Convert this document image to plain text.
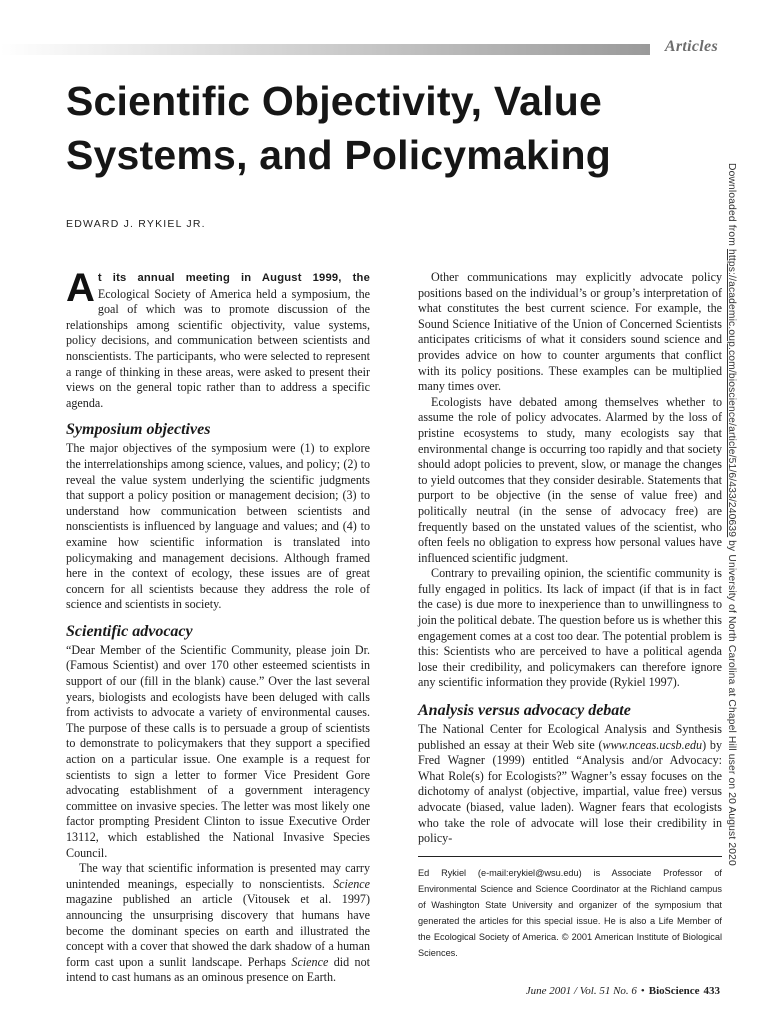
Articles
Scientific Objectivity, Value Systems, and Policymaking

EDWARD J. RYKIEL JR.

At its annual meeting in August 1999, the Ecological Society of America held a symposium, the goal of which was to promote discussion of the relationships among scientific objectivity, value systems, policy decisions, and communication between scientists and nonscientists. The participants, who were selected to represent a range of thinking in these areas, were asked to present their views on the general topic rather than to address a specific agenda.

Symposium objectives

The major objectives of the symposium were (1) to explore the interrelationships among science, values, and policy; (2) to reveal the value system underlying the scientific judgments that support a policy position or management decision; (3) to understand how communication between scientists and nonscientists is influenced by language and values; and (4) to examine how scientific information is translated into policymaking and management decisions. Although framed here in the context of ecology, these issues are of great concern for all scientists because they address the role of science and scientists in society.

Scientific advocacy

“Dear Member of the Scientific Community, please join Dr. (Famous Scientist) and over 170 other esteemed scientists in support of our (fill in the blank) cause.” Over the last several years, biologists and ecologists have been deluged with calls from activists to advocate a variety of environmental causes. The purpose of these calls is to persuade a group of scientists to demonstrate to policymakers that they support a specified action on a particular issue. One example is a request for scientists to sign a letter to former Vice President Gore advocating establishment of a government interagency committee on invasive species. The letter was most likely one factor prompting President Clinton to issue Executive Order 13112, which established the National Invasive Species Council.

The way that scientific information is presented may carry unintended meanings, especially to nonscientists. Science magazine published an article (Vitousek et al. 1997) announcing the unsurprising discovery that humans have become the dominant species on earth and illustrated the concept with a cover that showed the dark shadow of a human form cast upon a sunlit landscape. Perhaps Science did not intend to cast humans as an ominous presence on Earth.

Other communications may explicitly advocate policy positions based on the individual’s or group’s interpretation of what constitutes the best current science. For example, the Sound Science Initiative of the Union of Concerned Scientists anticipates criticisms of what it considers sound science and provides advice on how to counter arguments that conflict with its policy positions. These examples can be multiplied many times over.

Ecologists have debated among themselves whether to assume the role of policy advocates. Alarmed by the loss of pristine ecosystems to study, many ecologists say that environmental change is occurring too rapidly and that society should adopt policies to prevent, slow, or manage the changes to yield outcomes that they consider desirable. Statements that purport to be objective (in the sense of value free) and politically neutral (in the sense of advocacy free) are frequently based on the unstated values of the scientist, who often feels no obligation to express how personal values have influenced scientific judgment.

Contrary to prevailing opinion, the scientific community is fully engaged in politics. Its lack of impact (if that is in fact the case) is due more to inexperience than to unwillingness to join the political debate. The question before us is whether this engagement comes at a cost too dear. The potential problem is this: Scientists who are perceived to have a political agenda lose their credibility, and policymakers can therefore ignore any scientific information they provide (Rykiel 1997).

Analysis versus advocacy debate

The National Center for Ecological Analysis and Synthesis published an essay at their Web site (www.nceas.ucsb.edu) by Fred Wagner (1999) entitled “Analysis and/or Advocacy: What Role(s) for Ecologists?” Wagner’s essay focuses on the dichotomy of analyst (objective, impartial, value free) versus advocate (biased, value laden). Wagner fears that ecologists who take the role of advocate will lose their credibility in policy-

Ed Rykiel (e-mail:erykiel@wsu.edu) is Associate Professor of Environmental Science and Science Coordinator at the Richland campus of Washington State University and organizer of the symposium that generated the articles for this special issue. He is also a Life Member of the Ecological Society of America. © 2001 American Institute of Biological Sciences.

June 2001 / Vol. 51 No. 6 • BioScience 433
Downloaded from https://academic.oup.com/bioscience/article/51/6/433/240639 by University of North Carolina at Chapel Hill user on 20 August 2020
